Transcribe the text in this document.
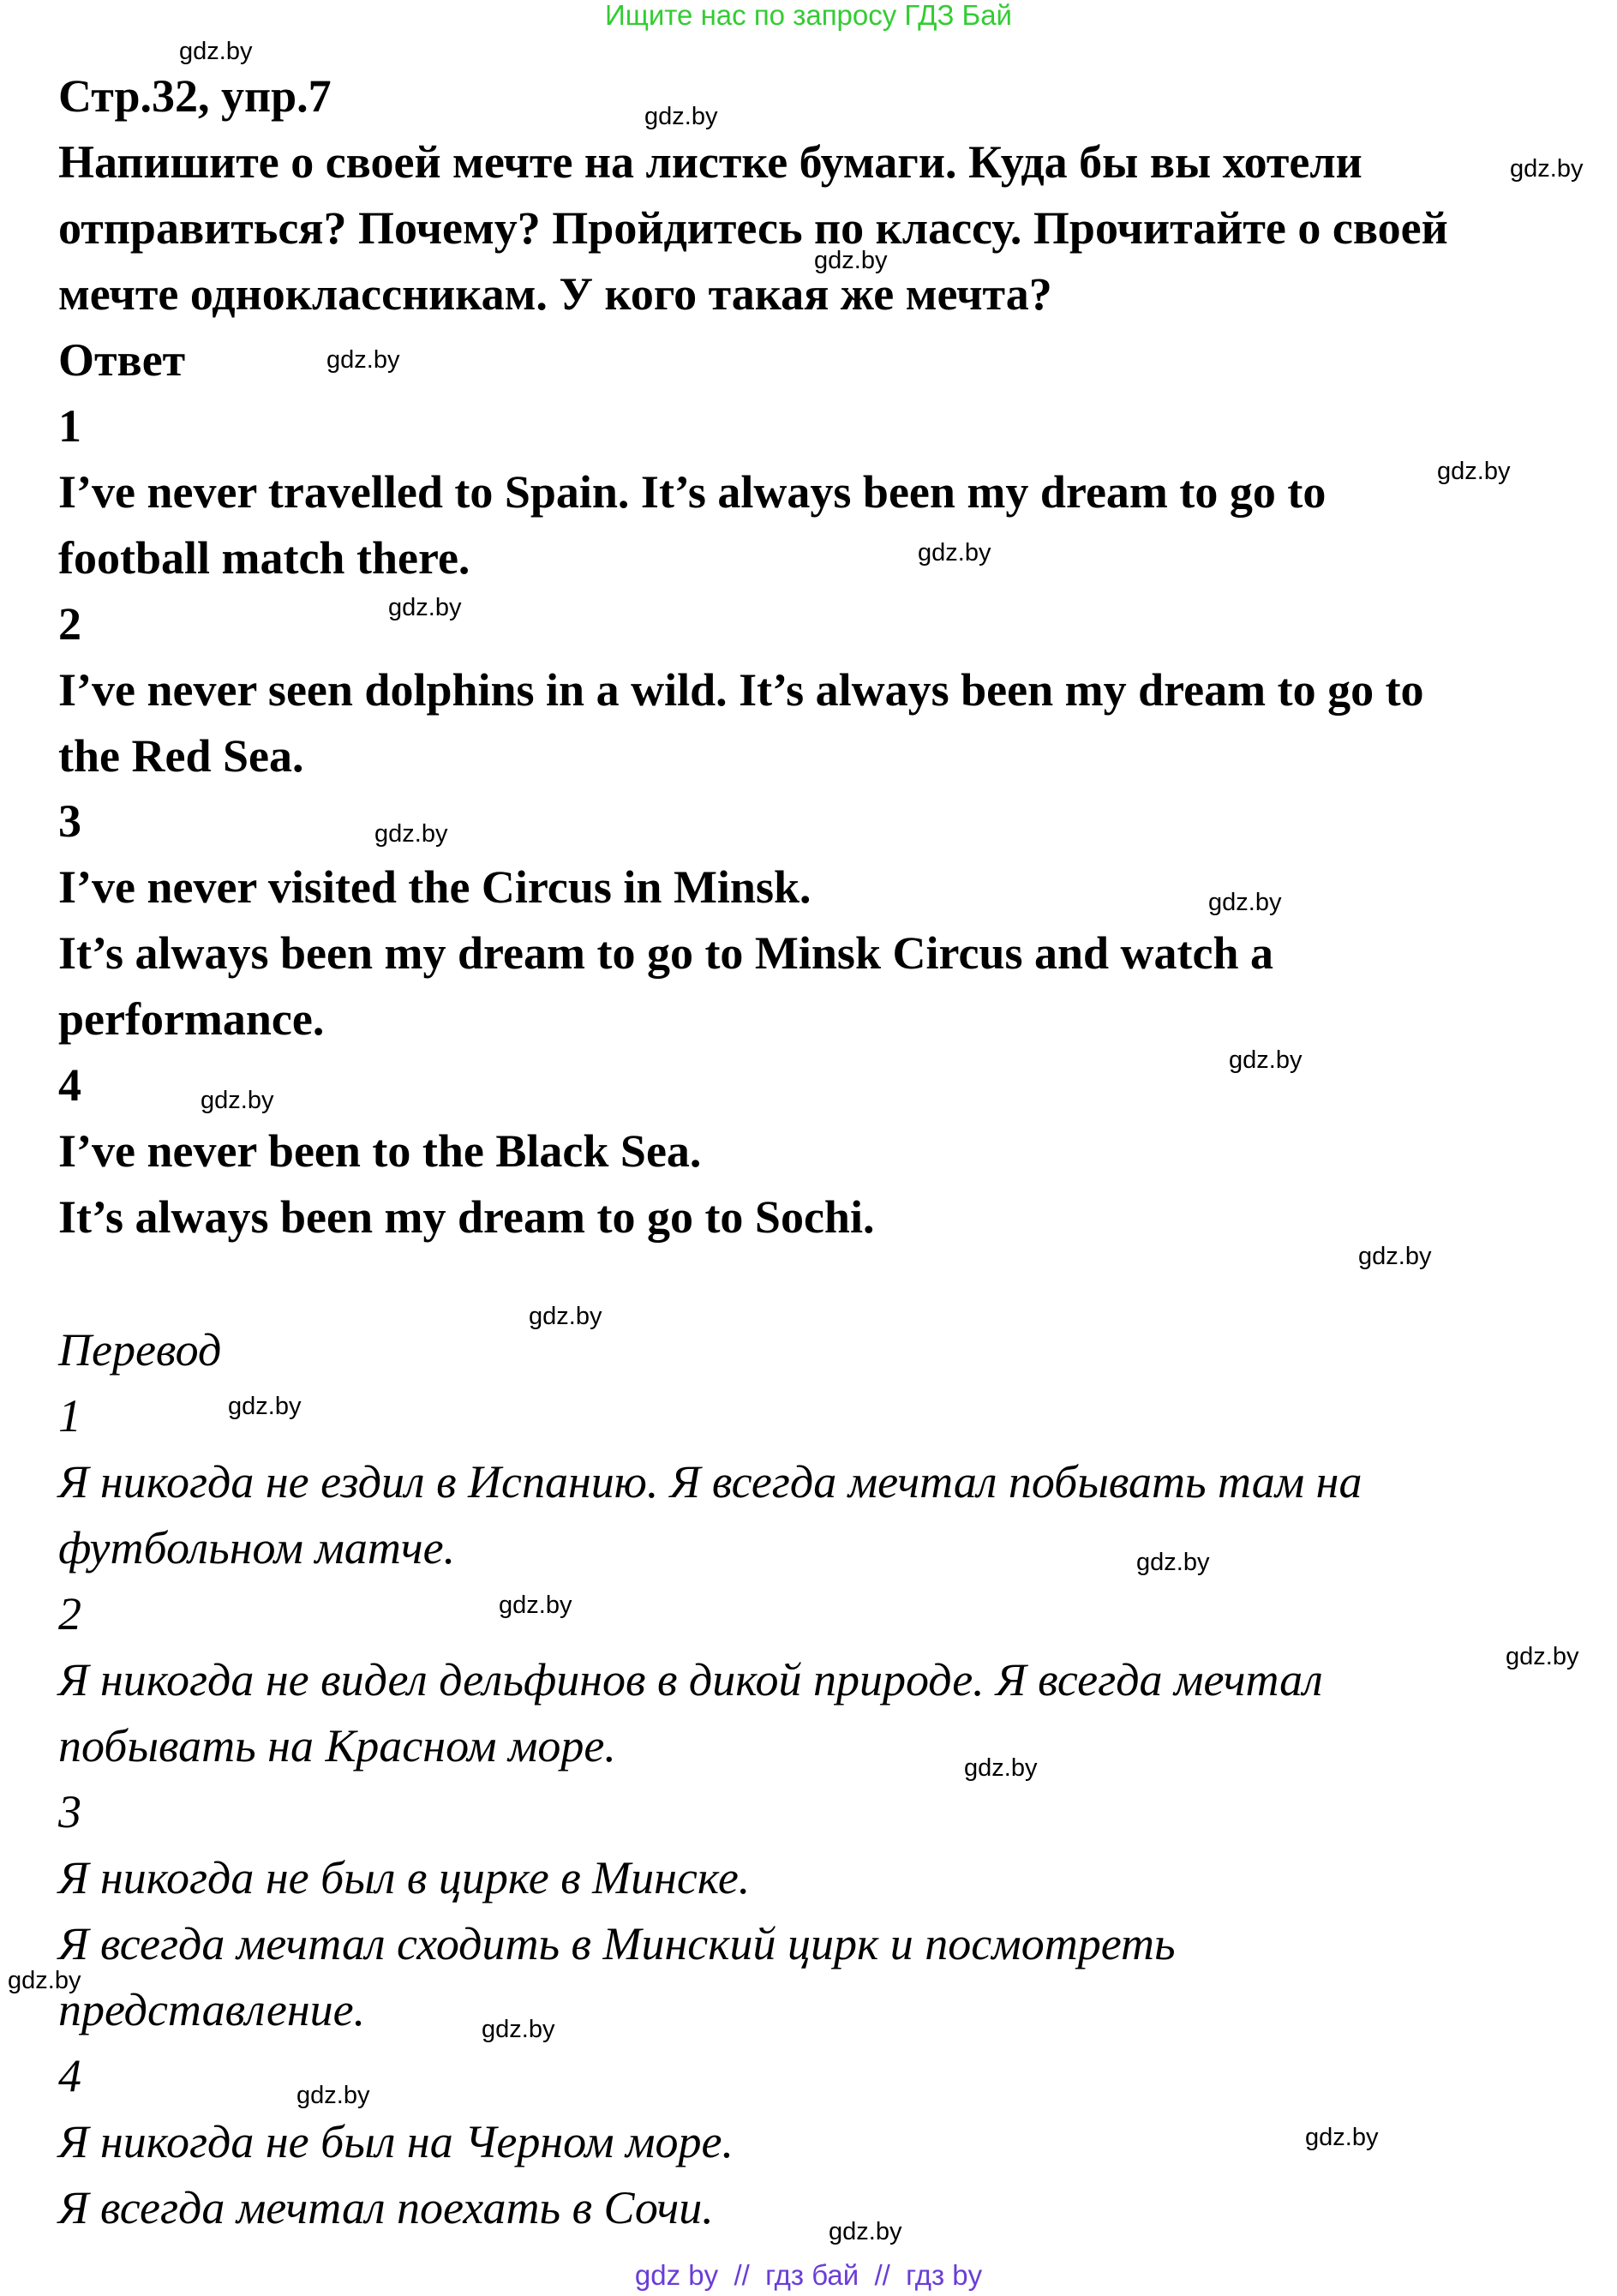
Ищите нас по запросу ГДЗ Бай
Стр.32, упр.7
Напишите о своей мечте на листке бумаги. Куда бы вы хотели
отправиться? Почему? Пройдитесь по классу. Прочитайте о своей
мечте одноклассникам. У кого такая же мечта?
Ответ
1
I’ve never travelled to Spain. It’s always been my dream to go to
football match there.
2
I’ve never seen dolphins in a wild. It’s always been my dream to go to
the Red Sea.
3
I’ve never visited the Circus in Minsk.
It’s always been my dream to go to Minsk Circus and watch a
performance.
4
I’ve never been to the Black Sea.
It’s always been my dream to go to Sochi.
Перевод
1
Я никогда не ездил в Испанию. Я всегда мечтал побывать там на
футбольном матче.
2
Я никогда не видел дельфинов в дикой природе. Я всегда мечтал
побывать на Красном море.
3
Я никогда не был в цирке в Минске.
Я всегда мечтал сходить в Минский цирк и посмотреть
представление.
4
Я никогда не был на Черном море.
Я всегда мечтал поехать в Сочи.
gdz.by
gdz.by
gdz.by
gdz.by
gdz.by
gdz.by
gdz.by
gdz.by
gdz.by
gdz.by
gdz.by
gdz.by
gdz.by
gdz.by
gdz.by
gdz.by
gdz.by
gdz.by
gdz.by
gdz.by
gdz.by
gdz.by
gdz.by
gdz.by
gdz by  //  гдз бай  //  гдз by
